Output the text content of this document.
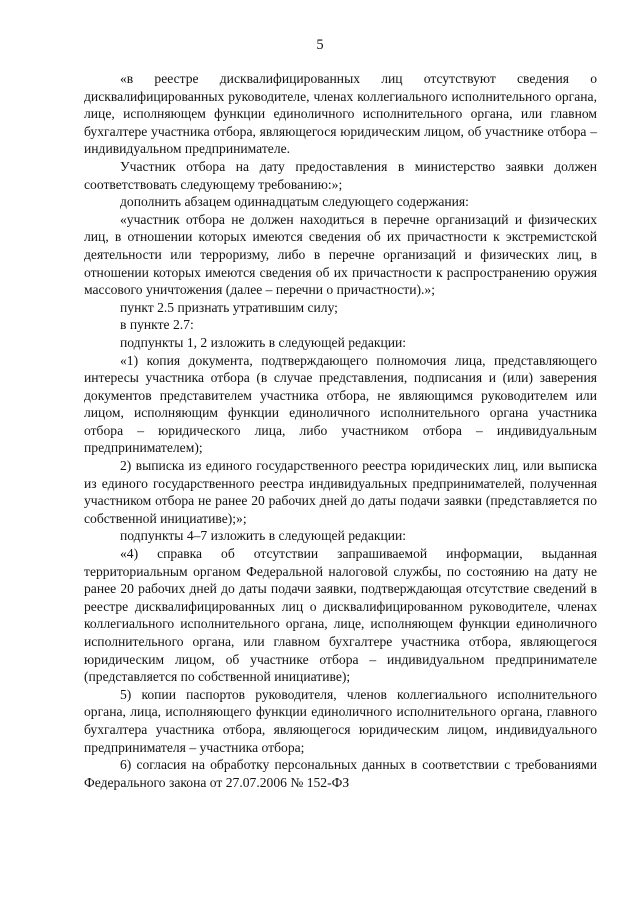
5

«в реестре дисквалифицированных лиц отсутствуют сведения о дисквалифицированных руководителе, членах коллегиального исполнительного органа, лице, исполняющем функции единоличного исполнительного органа, или главном бухгалтере участника отбора, являющегося юридическим лицом, об участнике отбора – индивидуальном предпринимателе.

Участник отбора на дату предоставления в министерство заявки должен соответствовать следующему требованию:»;

дополнить абзацем одиннадцатым следующего содержания:

«участник отбора не должен находиться в перечне организаций и физических лиц, в отношении которых имеются сведения об их причастности к экстремистской деятельности или терроризму, либо в перечне организаций и физических лиц, в отношении которых имеются сведения об их причастности к распространению оружия массового уничтожения (далее – перечни о причастности).»;

пункт 2.5 признать утратившим силу;

в пункте 2.7:

подпункты 1, 2 изложить в следующей редакции:

«1) копия документа, подтверждающего полномочия лица, представляющего интересы участника отбора (в случае представления, подписания и (или) заверения документов представителем участника отбора, не являющимся руководителем или лицом, исполняющим функции единоличного исполнительного органа участника отбора – юридического лица, либо участником отбора – индивидуальным предпринимателем);

2) выписка из единого государственного реестра юридических лиц, или выписка из единого государственного реестра индивидуальных предпринимателей, полученная участником отбора не ранее 20 рабочих дней до даты подачи заявки (представляется по собственной инициативе);»;

подпункты 4–7 изложить в следующей редакции:

«4) справка об отсутствии запрашиваемой информации, выданная территориальным органом Федеральной налоговой службы, по состоянию на дату не ранее 20 рабочих дней до даты подачи заявки, подтверждающая отсутствие сведений в реестре дисквалифицированных лиц о дисквалифицированном руководителе, членах коллегиального исполнительного органа, лице, исполняющем функции единоличного исполнительного органа, или главном бухгалтере участника отбора, являющегося юридическим лицом, об участнике отбора – индивидуальном предпринимателе (представляется по собственной инициативе);

5) копии паспортов руководителя, членов коллегиального исполнительного органа, лица, исполняющего функции единоличного исполнительного органа, главного бухгалтера участника отбора, являющегося юридическим лицом, индивидуального предпринимателя – участника отбора;

6) согласия на обработку персональных данных в соответствии с требованиями Федерального закона от 27.07.2006 № 152-ФЗ
